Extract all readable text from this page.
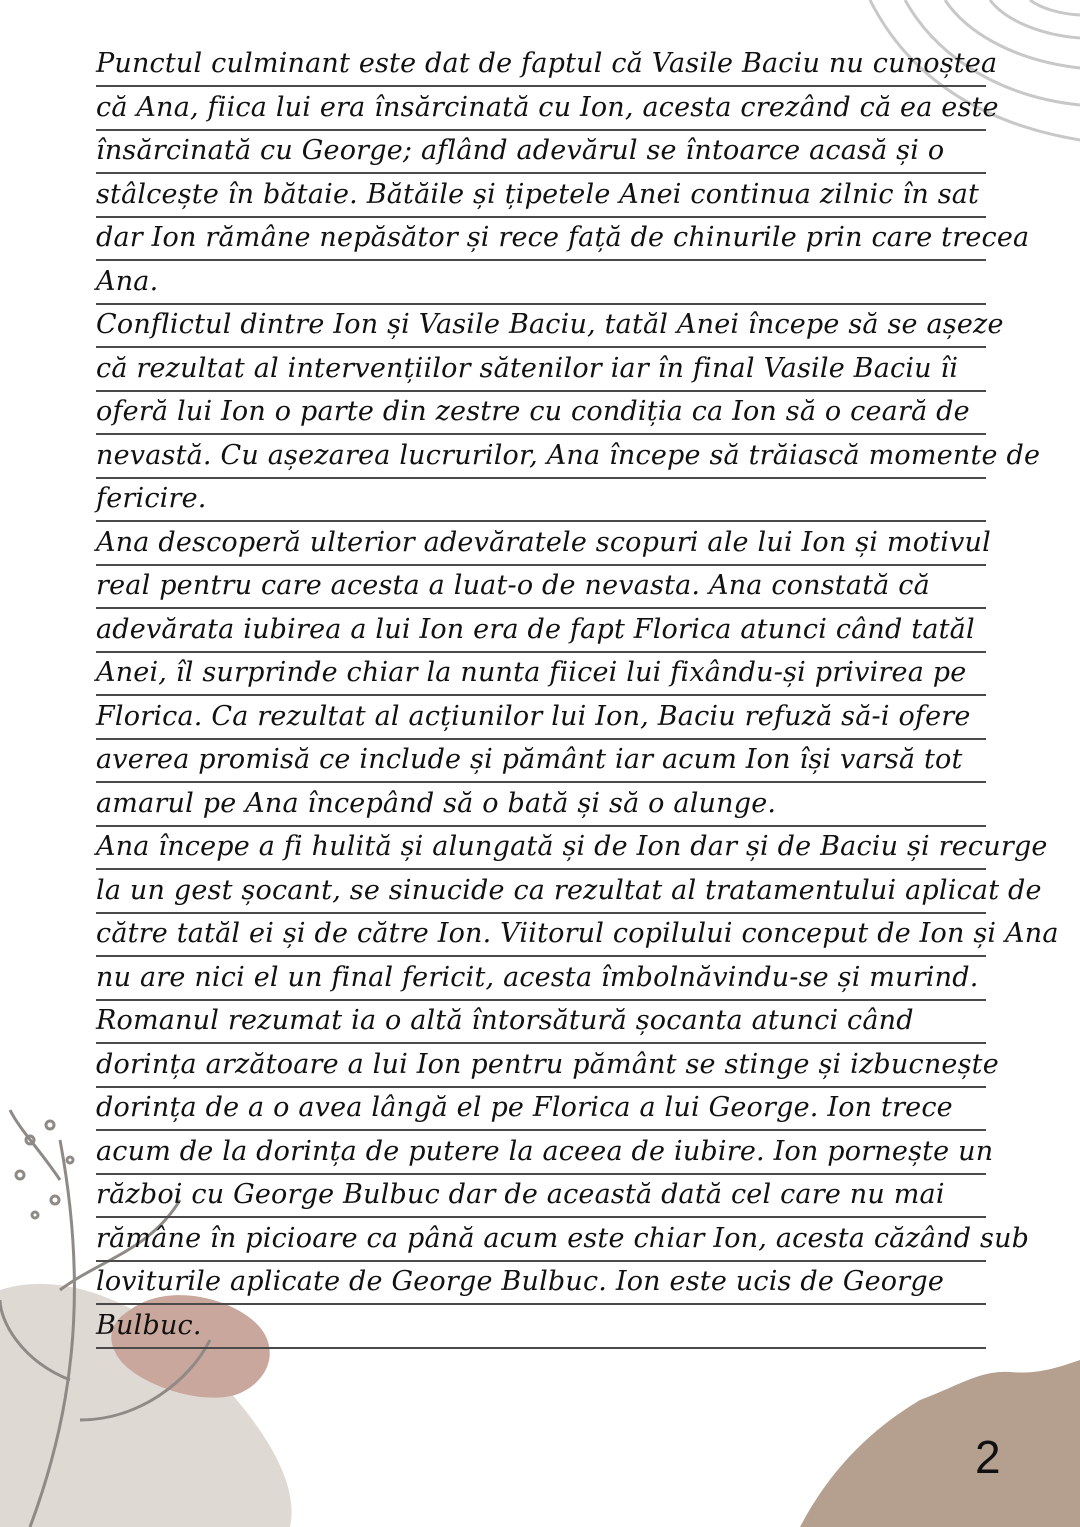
Punctul culminant este dat de faptul că Vasile Baciu nu cunoștea
că Ana, fiica lui era însărcinată cu Ion, acesta crezând că ea este
însărcinată cu George; aflând adevărul se întoarce acasă și o
stâlcește în bătaie. Bătăile și țipetele Anei continua zilnic în sat
dar Ion rămâne nepăsător și rece față de chinurile prin care trecea
Ana.
Conflictul dintre Ion și Vasile Baciu, tatăl Anei începe să se așeze
că rezultat al intervențiilor sătenilor iar în final Vasile Baciu îi
oferă lui Ion o parte din zestre cu condiția ca Ion să o ceară de
nevastă. Cu așezarea lucrurilor, Ana începe să trăiască momente de
fericire.
Ana descoperă ulterior adevăratele scopuri ale lui Ion și motivul
real pentru care acesta a luat-o de nevasta. Ana constată că
adevărata iubirea a lui Ion era de fapt Florica atunci când tatăl
Anei, îl surprinde chiar la nunta fiicei lui fixându-și privirea pe
Florica. Ca rezultat al acțiunilor lui Ion, Baciu refuză să-i ofere
averea promisă ce include și pământ iar acum Ion își varsă tot
amarul pe Ana începând să o bată și să o alunge.
Ana începe a fi hulită și alungată și de Ion dar și de Baciu și recurge
la un gest șocant, se sinucide ca rezultat al tratamentului aplicat de
către tatăl ei și de către Ion. Viitorul copilului conceput de Ion și Ana
nu are nici el un final fericit, acesta îmbolnăvindu-se și murind.
Romanul rezumat ia o altă întorsătură șocanta atunci când
dorința arzătoare a lui Ion pentru pământ se stinge și izbucnește
dorința de a o avea lângă el pe Florica a lui George. Ion trece
acum de la dorința de putere la aceea de iubire. Ion pornește un
război cu George Bulbuc dar de această dată cel care nu mai
rămâne în picioare ca până acum este chiar Ion, acesta căzând sub
loviturile aplicate de George Bulbuc. Ion este ucis de George
Bulbuc.
2
